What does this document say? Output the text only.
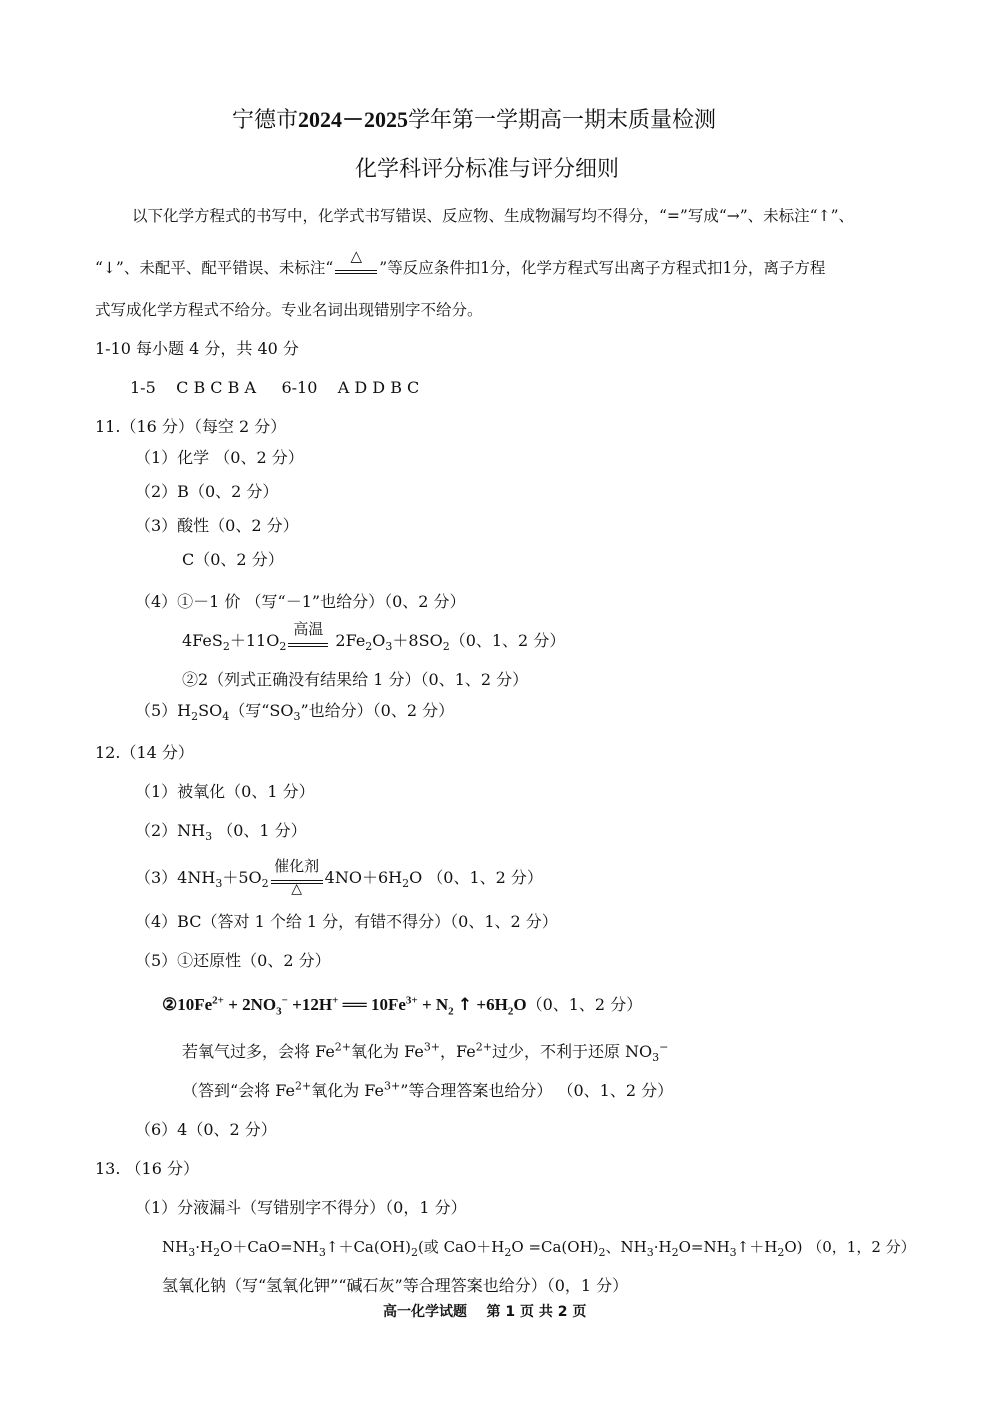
宁德市2024－2025学年第一学期高一期末质量检测
化学科评分标准与评分细则
以下化学方程式的书写中，化学式书写错误、反应物、生成物漏写均不得分，“=”写成“→”、未标注“↑”、
“↓”、未配平、配平错误、未标注“
△
”等反应条件扣1分，化学方程式写出离子方程式扣1分，离子方程
式写成化学方程式不给分。专业名词出现错别字不给分。
1-10 每小题 4 分，共 40 分
1-5    C B C B A     6-10    A D D B C
11.（16 分）（每空 2 分）
（1）化学 （0、2 分）
（2）B（0、2 分）
（3）酸性（0、2 分）
C（0、2 分）
（4）①－1 价 （写“－1”也给分）（0、2 分）
$4FeS_2+11O_2$
高温
$2Fe_2O_3+8SO_2(0$、1、2 分）
②2（列式正确没有结果给 1 分）（0、1、2 分）
$(5)H_2SO_4$（写“$SO_3$”也给分）（0、2 分）
12.（14 分）
（1）被氧化（0、1 分）
$(2)NH_3$ （0、1 分）
$(3)4NH_3+5O_2$
催化剂
△
$4NO+6H_2O$ （0、1、2 分）
（4）BC（答对 1 个给 1 分，有错不得分）（0、1、2 分）
（5）①还原性（0、2 分）
$②10Fe^{2+} + 2NO_3^- +12H^+$ ══ $10Fe^{3+} + N_2$ ↑ $+6H_2O(0$、1、2 分）
若氧气过多，会将 $Fe^{2+}$氧化为 $Fe^{3+}$，$Fe^{2+}$过少，不利于还原 $NO_3^-$
（答到“会将 $Fe^{2+}$氧化为 $Fe^{3+}$”等合理答案也给分） （0、1、2 分）
（6）4（0、2 分）
13. （16 分）
（1）分液漏斗（写错别字不得分）（0，1 分）
$NH_3\cdot H_2O+CaO=NH_3↑+Ca(OH)_2$(或 $CaO+H_2O =Ca(OH)_2$、$NH_3\cdot H_2O=NH_3↑+H_2O$) （0，1，2 分）
氢氧化钠（写“氢氧化钾”“碱石灰”等合理答案也给分）（0，1 分）
高一化学试题    第 1 页 共 2 页
